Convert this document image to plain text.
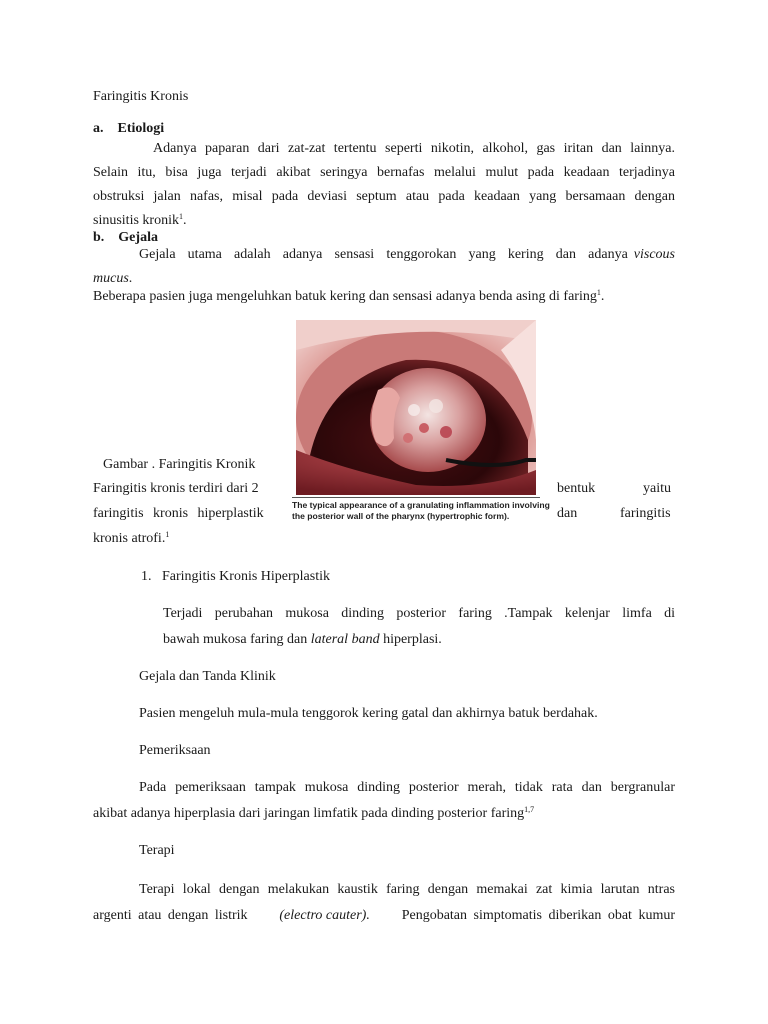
Faringitis Kronis
a. Etiologi
Adanya paparan dari zat-zat tertentu seperti nikotin, alkohol, gas iritan dan lainnya.
Selain itu, bisa juga terjadi akibat seringya bernafas melalui mulut pada keadaan terjadinya
obstruksi jalan nafas, misal pada deviasi septum atau pada keadaan yang bersamaan dengan
sinusitis kronik$^1$.
b. Gejala
Gejala utama adalah adanya sensasi tenggorokan yang kering dan adanya viscous
mucus.
Beberapa pasien juga mengeluhkan batuk kering dan sensasi adanya benda asing di faring$^1$.
The typical appearance of a granulating inflammation involving
the posterior wall of the pharynx (hypertrophic form).
Gambar . Faringitis Kronik
Faringitis kronis terdiri dari 2	bentuk	yaitu
faringitis kronis hiperplastik	dan	faringitis
kronis atrofi.$^1$
1. Faringitis Kronis Hiperplastik
Terjadi perubahan mukosa dinding posterior faring .Tampak kelenjar limfa di
bawah mukosa faring dan lateral band hiperplasi.
Gejala dan Tanda Klinik
Pasien mengeluh mula-mula tenggorok kering gatal dan akhirnya batuk berdahak.
Pemeriksaan
Pada pemeriksaan tampak mukosa dinding posterior merah, tidak rata dan bergranular
akibat adanya hiperplasia dari jaringan limfatik pada dinding posterior faring$^{1,7}$
Terapi
Terapi lokal dengan melakukan kaustik faring dengan memakai zat kimia larutan ntras
argenti atau dengan listrik (electro cauter). Pengobatan simptomatis diberikan obat kumur
